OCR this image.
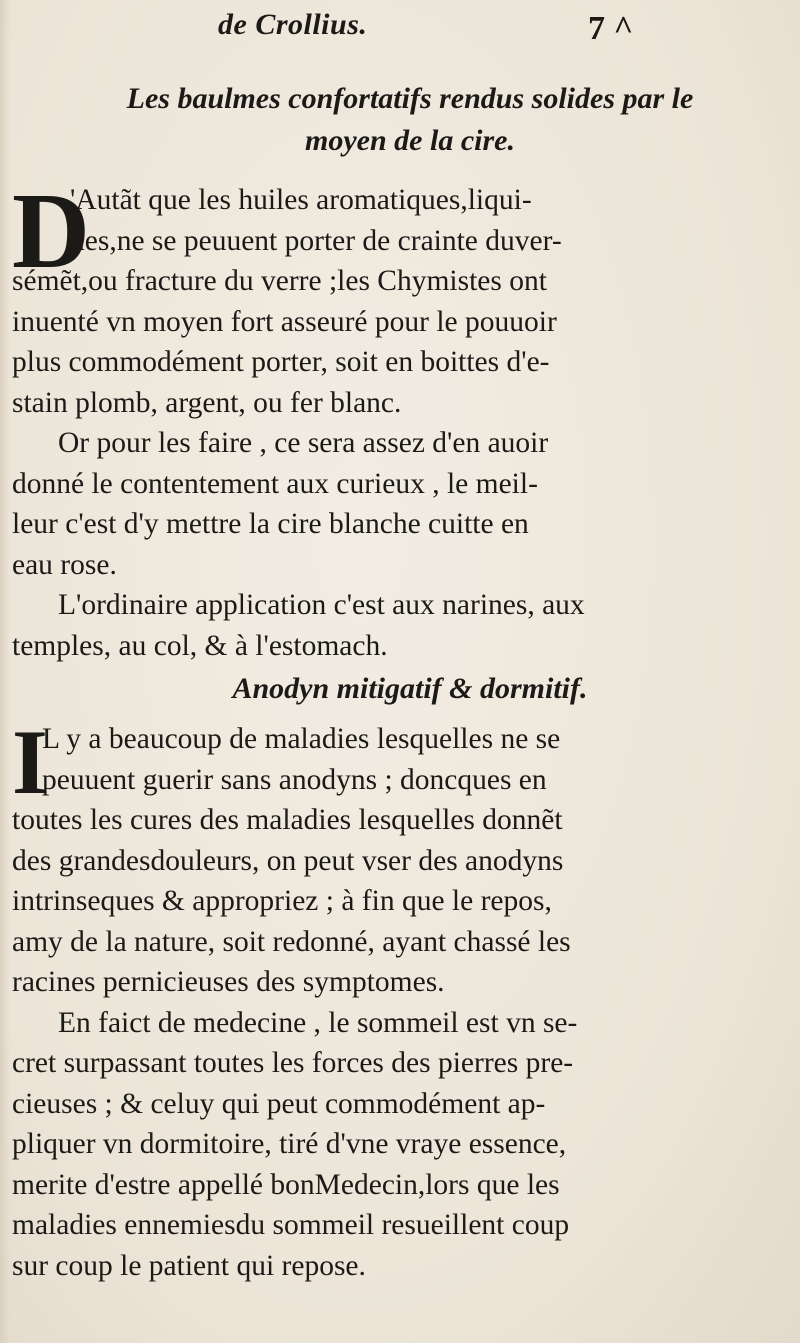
de Crollius.	7 ^
Les baulmes confortatifs rendus solides par le
moyen de la cire.
D
'Autãt que les huiles aromatiques,liqui-
des,ne se peuuent porter de crainte duver-
sémẽt,ou fracture du verre ;les Chymistes ont
inuenté vn moyen fort asseuré pour le pouuoir
plus commodément porter, soit en boittes d'e-
stain plomb, argent, ou fer blanc.
Or pour les faire , ce sera assez d'en auoir
donné le contentement aux curieux , le meil-
leur c'est d'y mettre la cire blanche cuitte en
eau rose.
L'ordinaire application c'est aux narines, aux
temples, au col, & à l'estomach.
Anodyn mitigatif & dormitif.
I
L y a beaucoup de maladies lesquelles ne se
peuuent guerir sans anodyns ; doncques en
toutes les cures des maladies lesquelles donnẽt
des grandesdouleurs, on peut vser des anodyns
intrinseques & appropriez ; à fin que le repos,
amy de la nature, soit redonné, ayant chassé les
racines pernicieuses des symptomes.
En faict de medecine , le sommeil est vn se-
cret surpassant toutes les forces des pierres pre-
cieuses ; & celuy qui peut commodément ap-
pliquer vn dormitoire, tiré d'vne vraye essence,
merite d'estre appellé bonMedecin,lors que les
maladies ennemiesdu sommeil resueillent coup
sur coup le patient qui repose.
